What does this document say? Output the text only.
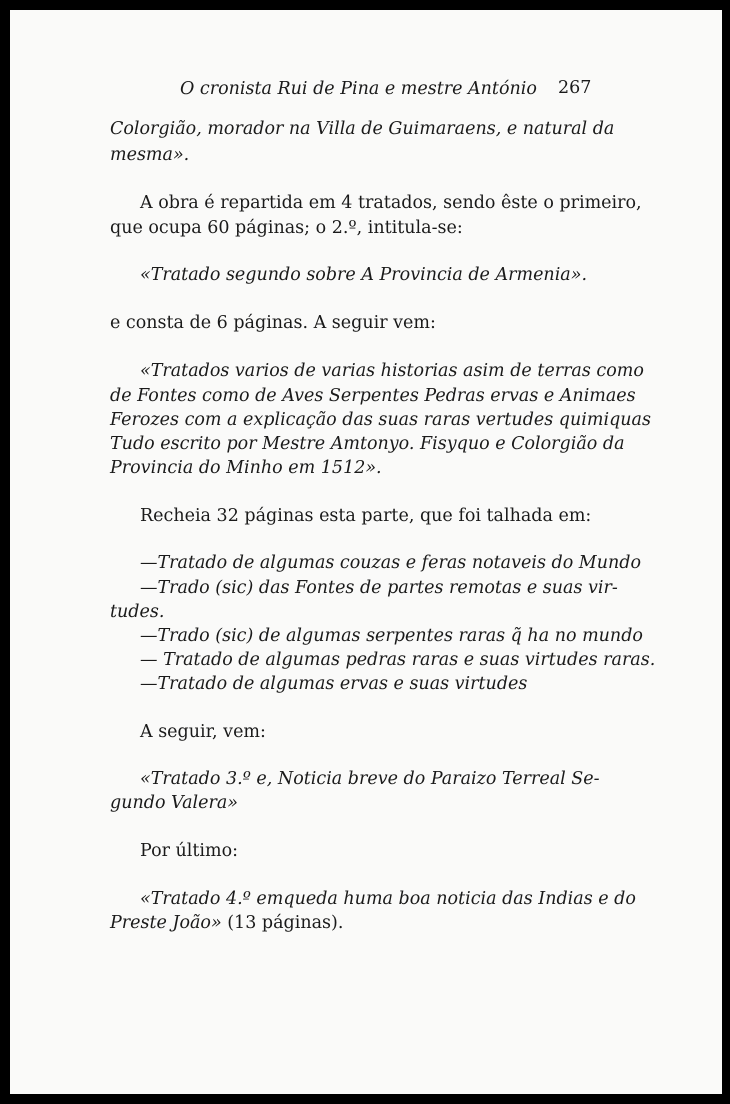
O cronista Rui de Pina e mestre António 267
Colorgião, morador na Villa de Guimaraens, e natural da
mesma».
A obra é repartida em 4 tratados, sendo êste o primeiro,
que ocupa 60 páginas; o 2.º, intitula-se:
«Tratado segundo sobre A Provincia de Armenia».
e consta de 6 páginas. A seguir vem:
«Tratados varios de varias historias asim de terras como
de Fontes como de Aves Serpentes Pedras ervas e Animaes
Ferozes com a explicação das suas raras vertudes quimiquas
Tudo escrito por Mestre Amtonyo. Fisyquo e Colorgião da
Provincia do Minho em 1512».
Recheia 32 páginas esta parte, que foi talhada em:
—Tratado de algumas couzas e feras notaveis do Mundo
—Trado (sic) das Fontes de partes remotas e suas vir-
tudes.
—Trado (sic) de algumas serpentes raras q̃ ha no mundo
— Tratado de algumas pedras raras e suas virtudes raras.
—Tratado de algumas ervas e suas virtudes
A seguir, vem:
«Tratado 3.º e, Noticia breve do Paraizo Terreal Se-
gundo Valera»
Por último:
«Tratado 4.º emqueda huma boa noticia das Indias e do
Preste João» (13 páginas).
